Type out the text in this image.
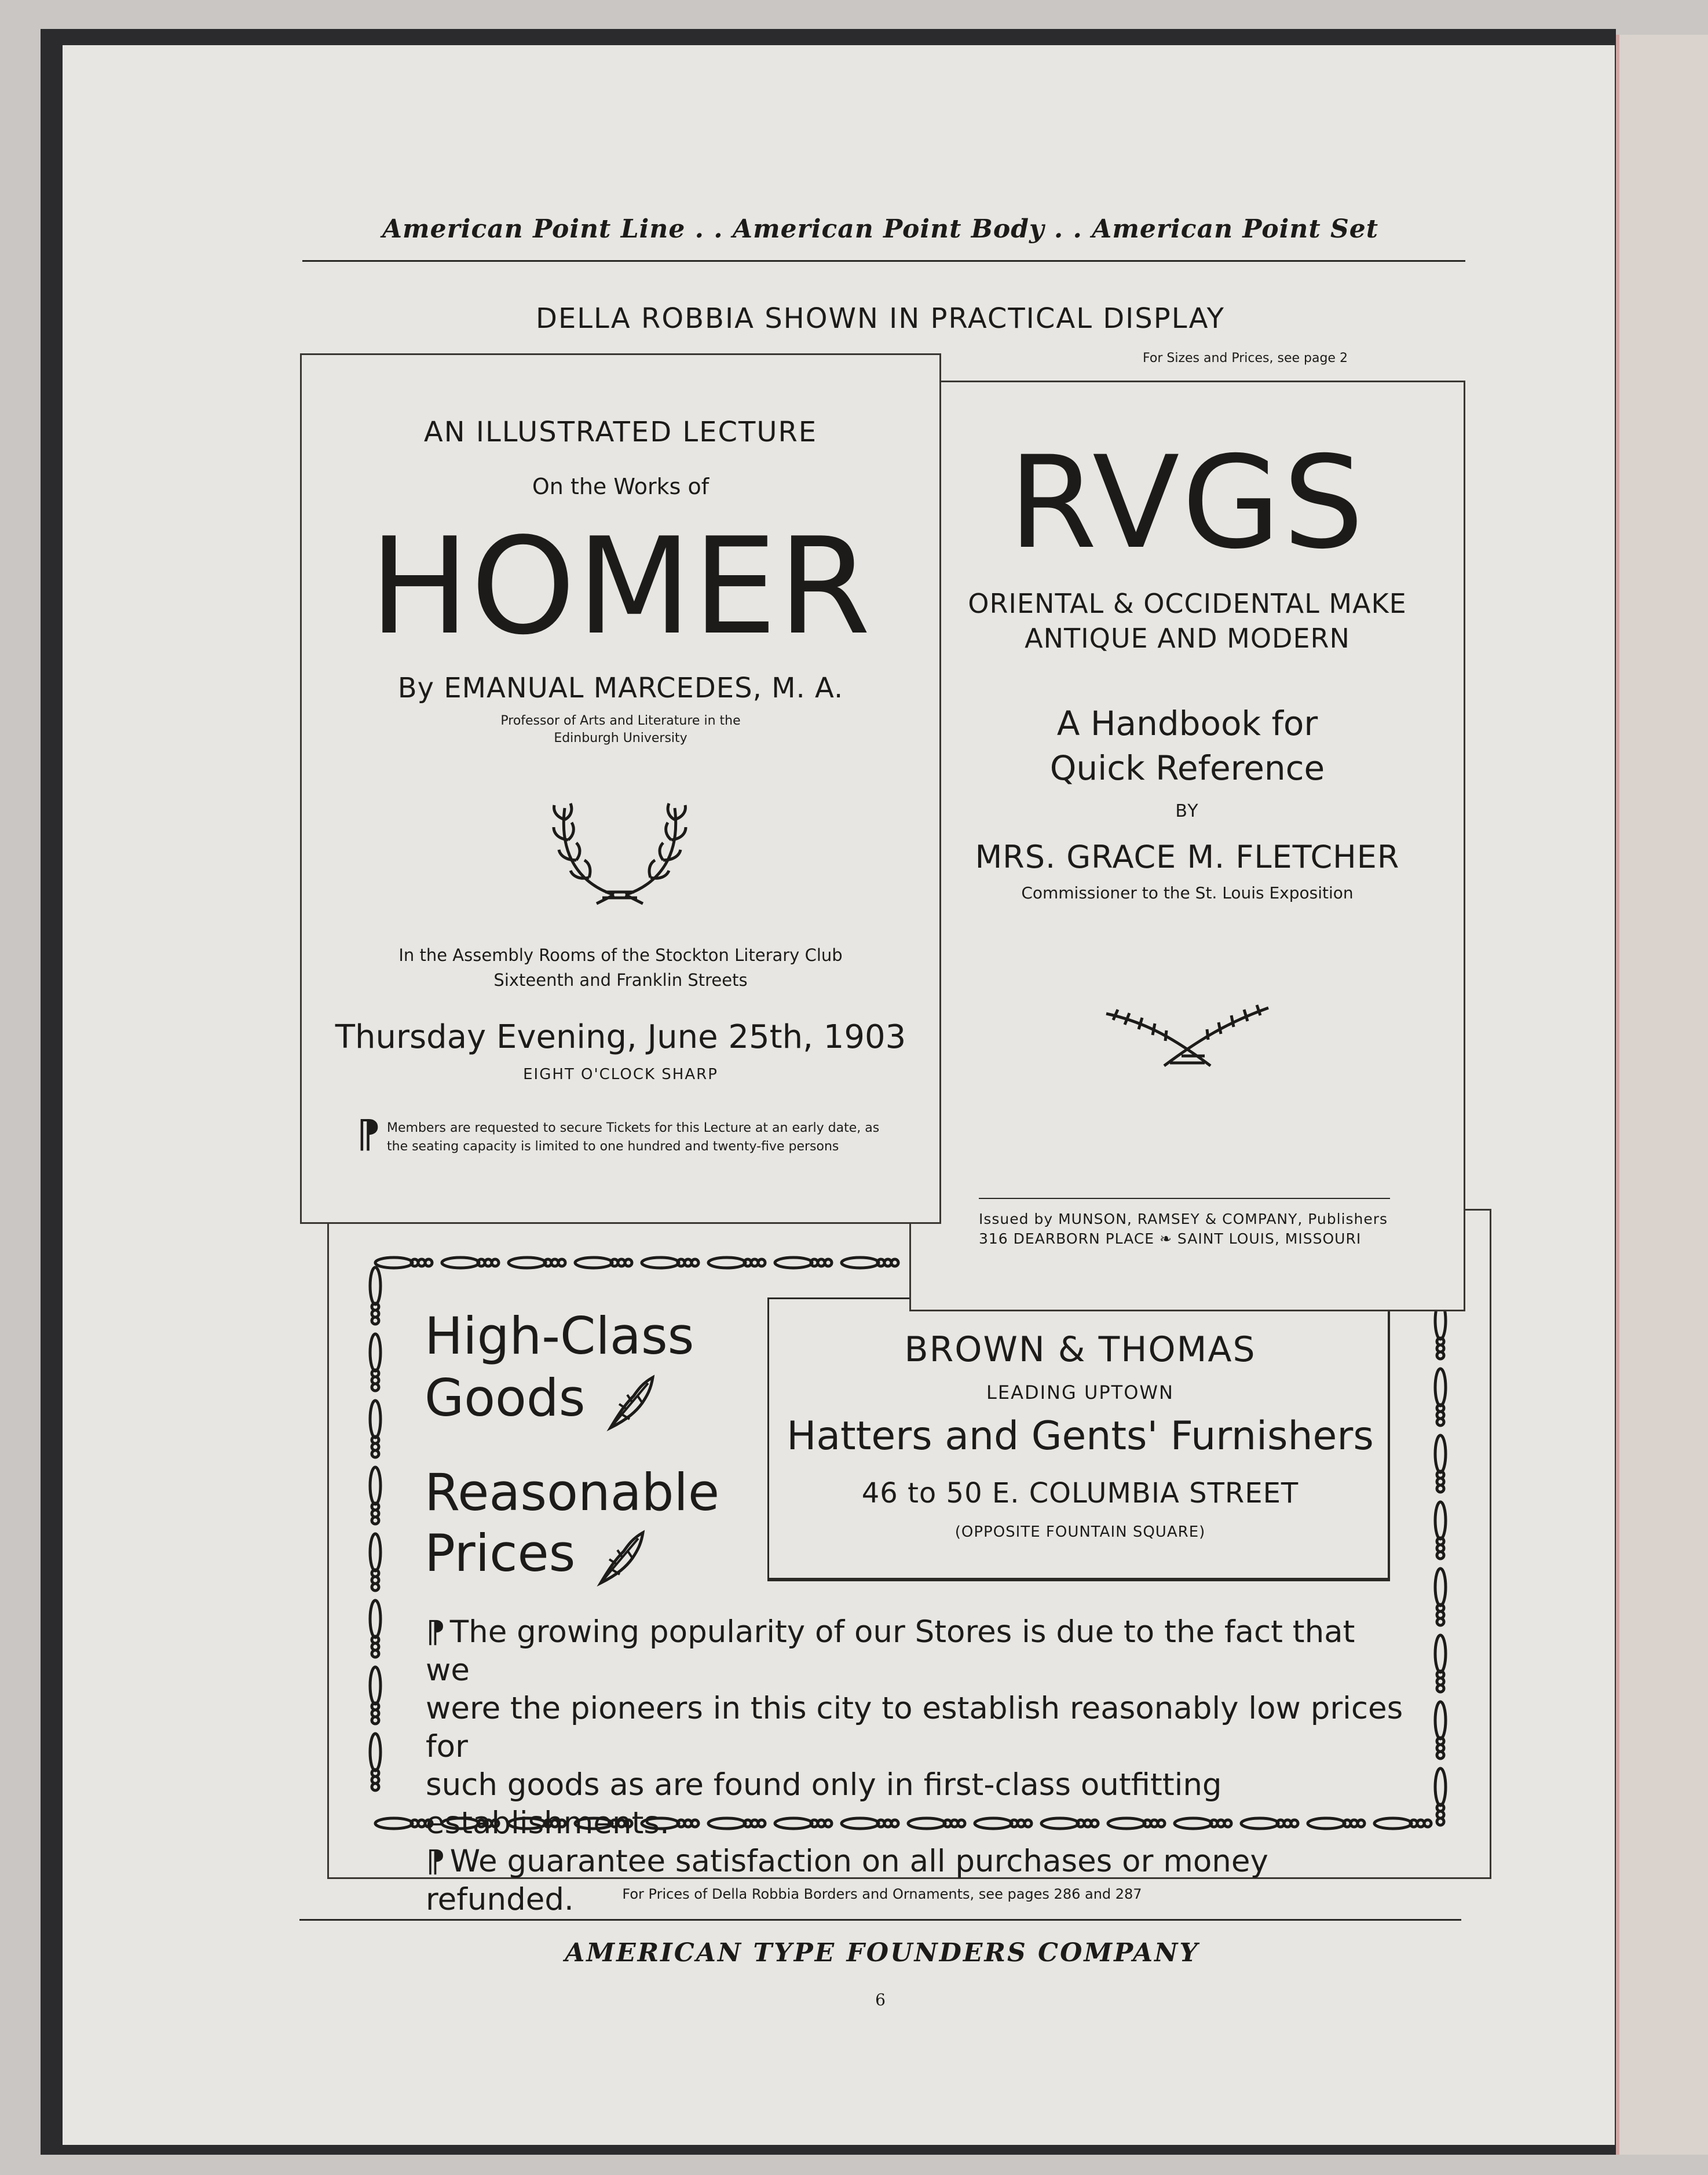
American Point Line . . American Point Body . . American Point Set
DELLA ROBBIA SHOWN IN PRACTICAL DISPLAY
For Sizes and Prices, see page 2
High-Class
Goods
Reasonable
Prices
BROWN & THOMAS
LEADING UPTOWN
Hatters and Gents' Furnishers
46 to 50 E. COLUMBIA STREET
(OPPOSITE FOUNTAIN SQUARE)
⁋ The growing popularity of our Stores is due to the fact that we
were the pioneers in this city to establish reasonably low prices for
such goods as are found only in first-class outfitting establishments.
⁋ We guarantee satisfaction on all purchases or money refunded.
RVGS
ORIENTAL & OCCIDENTAL MAKE
ANTIQUE AND MODERN
A Handbook for
Quick Reference
BY
MRS. GRACE M. FLETCHER
Commissioner to the St. Louis Exposition
Issued by MUNSON, RAMSEY & COMPANY, Publishers
316 DEARBORN PLACE ❧ SAINT LOUIS, MISSOURI
AN ILLUSTRATED LECTURE
On the Works of
HOMER
By EMANUAL MARCEDES, M. A.
Professor of Arts and Literature in the
Edinburgh University
In the Assembly Rooms of the Stockton Literary Club
Sixteenth and Franklin Streets
Thursday Evening, June 25th, 1903
EIGHT O'CLOCK SHARP
⁋ Members are requested to secure Tickets for this Lecture at an early date, as
the seating capacity is limited to one hundred and twenty-five persons
For Prices of Della Robbia Borders and Ornaments, see pages 286 and 287
AMERICAN TYPE FOUNDERS COMPANY
6
